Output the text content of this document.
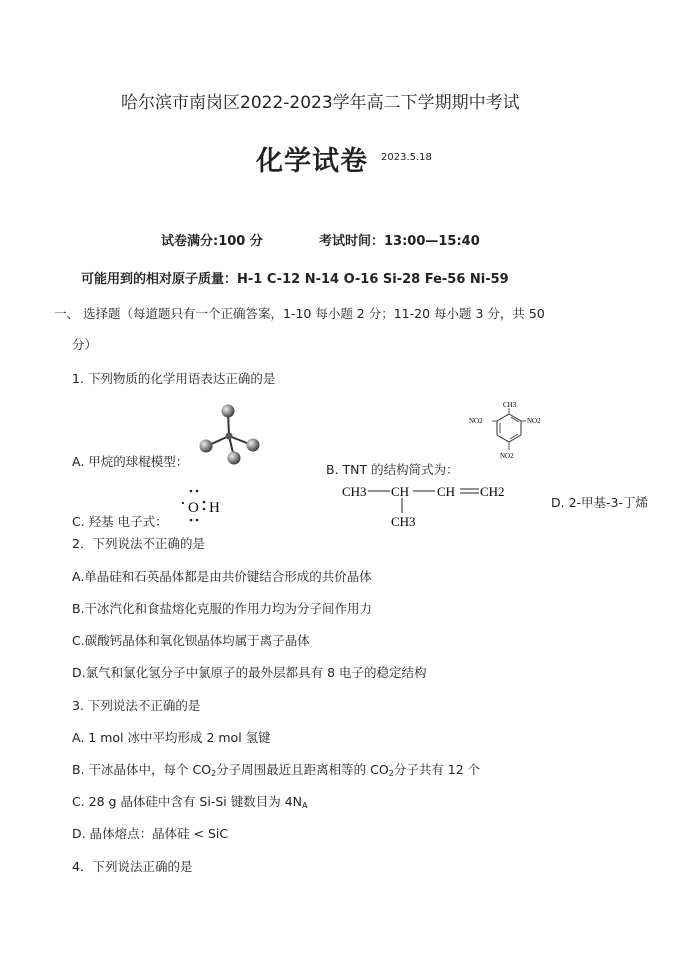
哈尔滨市南岗区2022-2023学年高二下学期期中考试
化学试卷 2023.5.18
试卷满分:100 分	考试时间：13:00—15:40
可能用到的相对原子质量：H-1 C-12 N-14 O-16 Si-28 Fe-56 Ni-59
一、 选择题（每道题只有一个正确答案，1-10 每小题 2 分；11-20 每小题 3 分，共 50
分）
1. 下列物质的化学用语表达正确的是
A. 甲烷的球棍模型：
CH3
NO2
NO2
NO2
B. TNT 的结构简式为：
CH3 CH CH CH2
CH3
D. 2-甲基-3-丁烯
C. 羟基 电子式：
O H
2．下列说法不正确的是
A.单晶硅和石英晶体都是由共价键结合形成的共价晶体
B.干冰汽化和食盐熔化克服的作用力均为分子间作用力
C.碳酸钙晶体和氧化钡晶体均属于离子晶体
D.氯气和氯化氢分子中氯原子的最外层都具有 8 电子的稳定结构
3. 下列说法不正确的是
A. 1 mol 冰中平均形成 2 mol 氢键
B. 干冰晶体中，每个 $CO_2$分子周围最近且距离相等的 $CO_2$分子共有 12 个
C. 28 g 晶体硅中含有 Si-Si 键数目为 $4N_A$
D. 晶体熔点：晶体硅 < SiC
4．下列说法正确的是
